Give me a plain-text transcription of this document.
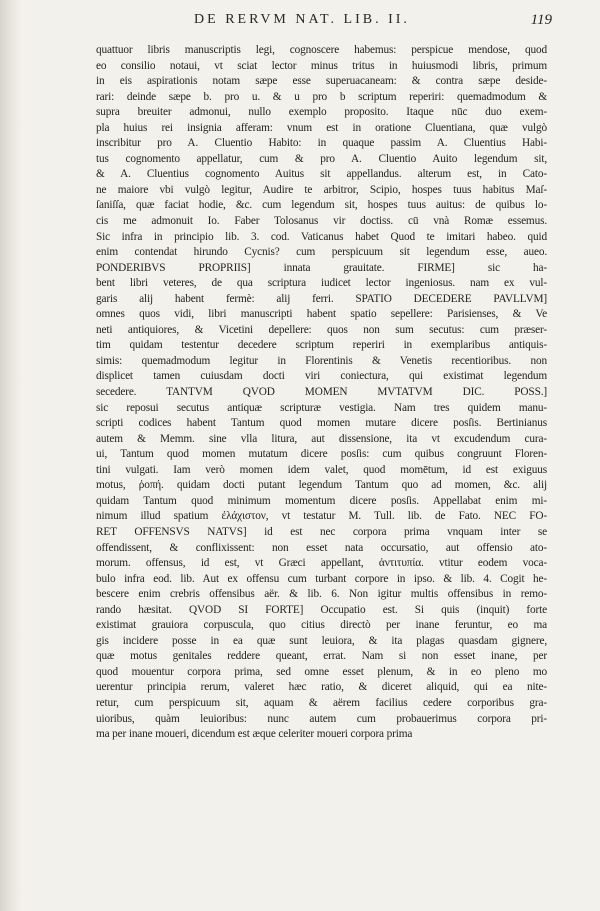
DE RERVM NAT. LIB. II.	119
quattuor libris manuscriptis legi, cognoscere habemus: perspicue mendose, quod
eo consilio notaui, vt sciat lector minus tritus in huiusmodi libris, primum
in eis aspirationis notam sæpe esse superuacaneam: & contra sæpe deside-
rari: deinde sæpe b. pro u. & u pro b scriptum reperiri: quemadmodum &
supra breuiter admonui, nullo exemplo proposito. Itaque nūc duo exem-
pla huius rei insignia afferam: vnum est in oratione Cluentiana, quæ vulgò
inscribitur pro A. Cluentio Habito: in quaque passim A. Cluentius Habi-
tus cognomento appellatur, cum & pro A. Cluentio Auito legendum sit,
& A. Cluentius cognomento Auitus sit appellandus. alterum est, in Cato-
ne maiore vbi vulgò legitur, Audire te arbitror, Scipio, hospes tuus habitus Maſ-
ſaniſſa, quæ faciat hodie, &c. cum legendum sit, hospes tuus auitus: de quibus lo-
cis me admonuit Io. Faber Tolosanus vir doctiss. cū vnà Romæ essemus.
Sic infra in principio lib. 3. cod. Vaticanus habet Quod te imitari habeo. quid
enim contendat hirundo Cycnis? cum perspicuum sit legendum esse, aueo.
PONDERIBVS PROPRIIS] innata grauitate. FIRME] sic ha-
bent libri veteres, de qua scriptura iudicet lector ingeniosus. nam ex vul-
garis alij habent fermè: alij ferri. SPATIO DECEDERE PAVLLVM]
omnes quos vidi, libri manuscripti habent spatio sepellere: Parisienses, & Ve
neti antiquiores, & Vicetini depellere: quos non sum secutus: cum præser-
tim quidam testentur decedere scriptum reperiri in exemplaribus antiquis-
simis: quemadmodum legitur in Florentinis & Venetis recentioribus. non
displicet tamen cuiusdam docti viri coniectura, qui existimat legendum
secedere. TANTVM QVOD MOMEN MVTATVM DIC. POSS.]
sic reposui secutus antiquæ scripturæ vestigia. Nam tres quidem manu-
scripti codices habent Tantum quod momen mutare dicere posſis. Bertinianus
autem & Memm. sine vlla litura, aut dissensione, ita vt excudendum cura-
ui, Tantum quod momen mutatum dicere posſis: cum quibus congruunt Floren-
tini vulgati. Iam verò momen idem valet, quod momētum, id est exiguus
motus, ῥοπή. quidam docti putant legendum Tantum quo ad momen, &c. alij
quidam Tantum quod minimum momentum dicere posſis. Appellabat enim mi-
nimum illud spatium ἐλάχιστον, vt testatur M. Tull. lib. de Fato. NEC FO-
RET OFFENSVS NATVS] id est nec corpora prima vnquam inter se
offendissent, & conflixissent: non esset nata occursatio, aut offensio ato-
morum. offensus, id est, vt Græci appellant, ἀντιτυπία. vtitur eodem voca-
bulo infra eod. lib. Aut ex offensu cum turbant corpore in ipso. & lib. 4. Cogit he-
bescere enim crebris offensibus aër. & lib. 6. Non igitur multis offensibus in remo-
rando hæsitat. QVOD SI FORTE] Occupatio est. Si quis (inquit) forte
existimat grauiora corpuscula, quo citius directò per inane feruntur, eo ma
gis incidere posse in ea quæ sunt leuiora, & ita plagas quasdam gignere,
quæ motus genitales reddere queant, errat. Nam si non esset inane, per
quod mouentur corpora prima, sed omne esset plenum, & in eo pleno mo
uerentur principia rerum, valeret hæc ratio, & diceret aliquid, qui ea nite-
retur, cum perspicuum sit, aquam & aërem facilius cedere corporibus gra-
uioribus, quàm leuioribus: nunc autem cum probauerimus corpora pri-
ma per inane moueri, dicendum est æque celeriter moueri corpora prima
